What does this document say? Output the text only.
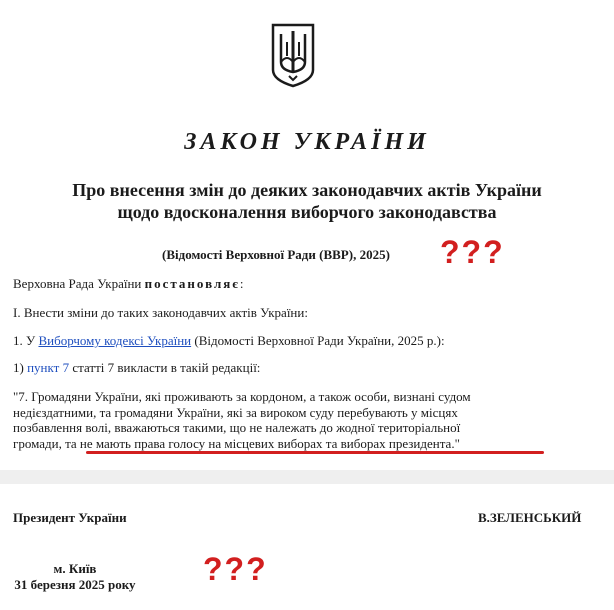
ЗАКОН УКРАЇНИ
Про внесення змін до деяких законодавчих актів України
щодо вдосконалення виборчого законодавства
(Відомості Верховної Ради (ВВР), 2025) ???
Верховна Рада України постановляє:
I. Внести зміни до таких законодавчих актів України:
1. У Виборчому кодексі України (Відомості Верховної Ради України, 2025 р.):
1) пункт 7 статті 7 викласти в такій редакції:
"7. Громадяни України, які проживають за кордоном, а також особи, визнані судом
недієздатними, та громадяни України, які за вироком суду перебувають у місцях
позбавлення волі, вважаються такими, що не належать до жодної територіальної
громади, та не мають права голосу на місцевих виборах та виборах президента."
Президент України	В.ЗЕЛЕНСЬКИЙ
м. Київ
31 березня 2025 року	???
